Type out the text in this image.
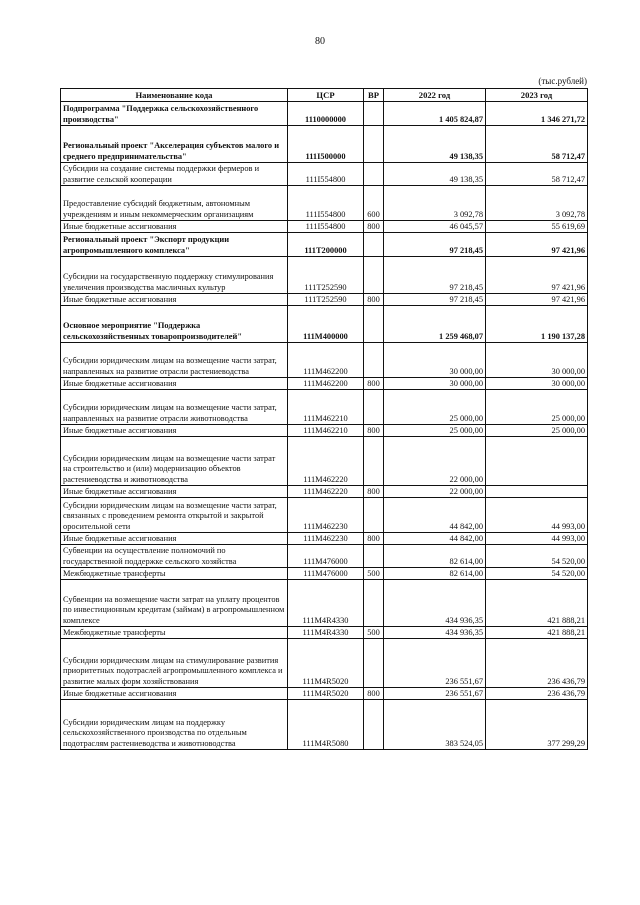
80
(тыс.рублей)
Наименование кода	ЦСР	ВР	2022 год	2023 год
Подпрограмма "Поддержка сельскохозяйственного производства"	1110000000		1 405 824,87	1 346 271,72
Региональный проект "Акселерация субъектов малого и среднего предпринимательства"	111I500000		49 138,35	58 712,47
Субсидии на создание системы поддержки фермеров и развитие сельской кооперации	111I554800		49 138,35	58 712,47
Предоставление субсидий бюджетным, автономным учреждениям и иным некоммерческим организациям	111I554800	600	3 092,78	3 092,78
Иные бюджетные ассигнования	111I554800	800	46 045,57	55 619,69
Региональный проект "Экспорт продукции агропромышленного комплекса"	111T200000		97 218,45	97 421,96
Субсидии на государственную поддержку стимулирования увеличения производства масличных культур	111T252590		97 218,45	97 421,96
Иные бюджетные ассигнования	111T252590	800	97 218,45	97 421,96
Основное мероприятие "Поддержка сельскохозяйственных товаропроизводителей"	111M400000		1 259 468,07	1 190 137,28
Субсидии юридическим лицам на возмещение части затрат, направленных на развитие отрасли растениеводства	111M462200		30 000,00	30 000,00
Иные бюджетные ассигнования	111M462200	800	30 000,00	30 000,00
Субсидии юридическим лицам на возмещение части затрат, направленных на развитие отрасли животноводства	111M462210		25 000,00	25 000,00
Иные бюджетные ассигнования	111M462210	800	25 000,00	25 000,00
Субсидии юридическим лицам на возмещение части затрат на строительство и (или) модернизацию объектов растениеводства и животноводства	111M462220		22 000,00	
Иные бюджетные ассигнования	111M462220	800	22 000,00	
Субсидии юридическим лицам на возмещение части затрат, связанных с проведением ремонта открытой и закрытой оросительной сети	111M462230		44 842,00	44 993,00
Иные бюджетные ассигнования	111M462230	800	44 842,00	44 993,00
Субвенции на осуществление полномочий по государственной поддержке сельского хозяйства	111M476000		82 614,00	54 520,00
Межбюджетные трансферты	111M476000	500	82 614,00	54 520,00
Субвенции на возмещение части затрат на уплату процентов по инвестиционным кредитам (займам) в агропромышленном комплексе	111M4R4330		434 936,35	421 888,21
Межбюджетные трансферты	111M4R4330	500	434 936,35	421 888,21
Субсидии юридическим лицам на стимулирование развития приоритетных подотраслей агропромышленного комплекса и развитие малых форм хозяйствования	111M4R5020		236 551,67	236 436,79
Иные бюджетные ассигнования	111M4R5020	800	236 551,67	236 436,79
Субсидии юридическим лицам на поддержку сельскохозяйственного производства по отдельным подотраслям растениеводства и животноводства	111M4R5080		383 524,05	377 299,29
